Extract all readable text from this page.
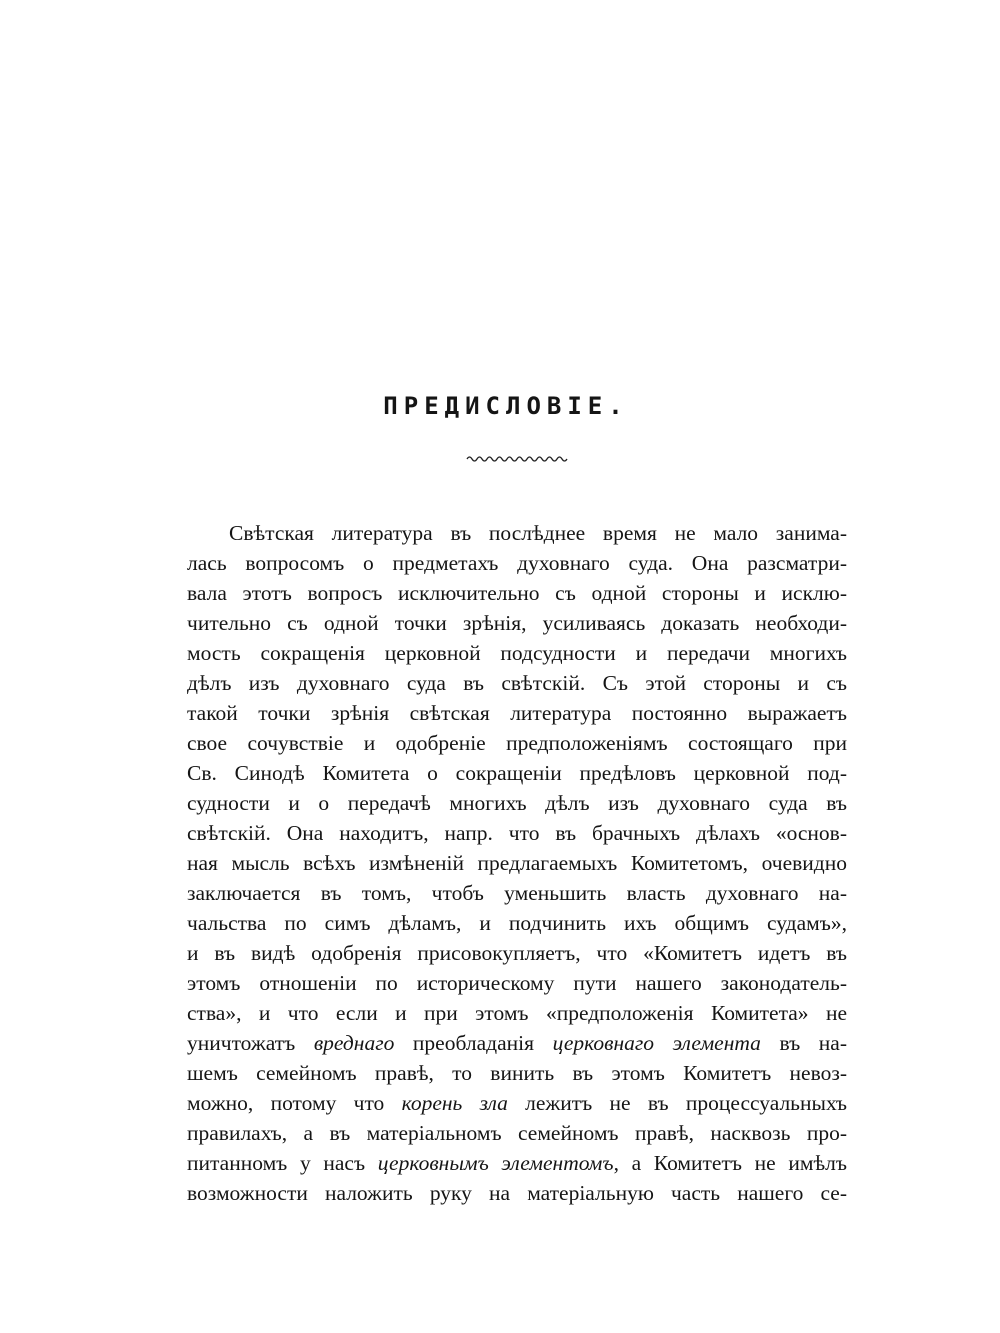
ПРЕДИСЛОВІЕ.
Свѣтская литература въ послѣднее время не мало занима-
лась вопросомъ о предметахъ духовнаго суда. Она разсматри-
вала этотъ вопросъ исключительно съ одной стороны и исклю-
чительно съ одной точки зрѣнія, усиливаясь доказать необходи-
мость сокращенія церковной подсудности и передачи многихъ
дѣлъ изъ духовнаго суда въ свѣтскій. Съ этой стороны и съ
такой точки зрѣнія свѣтская литература постоянно выражаетъ
свое сочувствіе и одобреніе предположеніямъ состоящаго при
Св. Синодѣ Комитета о сокращеніи предѣловъ церковной под-
судности и о передачѣ многихъ дѣлъ изъ духовнаго суда въ
свѣтскій. Она находитъ, напр. что въ брачныхъ дѣлахъ «основ-
ная мысль всѣхъ измѣненій предлагаемыхъ Комитетомъ, очевидно
заключается въ томъ, чтобъ уменьшить власть духовнаго на-
чальства по симъ дѣламъ, и подчинить ихъ общимъ судамъ»,
и въ видѣ одобренія присовокупляетъ, что «Комитетъ идетъ въ
этомъ отношеніи по историческому пути нашего законодатель-
ства», и что если и при этомъ «предположенія Комитета» не
уничтожатъ вреднаго преобладанія церковнаго элемента въ на-
шемъ семейномъ правѣ, то винить въ этомъ Комитетъ невоз-
можно, потому что корень зла лежитъ не въ процессуальныхъ
правилахъ, а въ матеріальномъ семейномъ правѣ, насквозь про-
питанномъ у насъ церковнымъ элементомъ, а Комитетъ не имѣлъ
возможности наложить руку на матеріальную часть нашего се-
